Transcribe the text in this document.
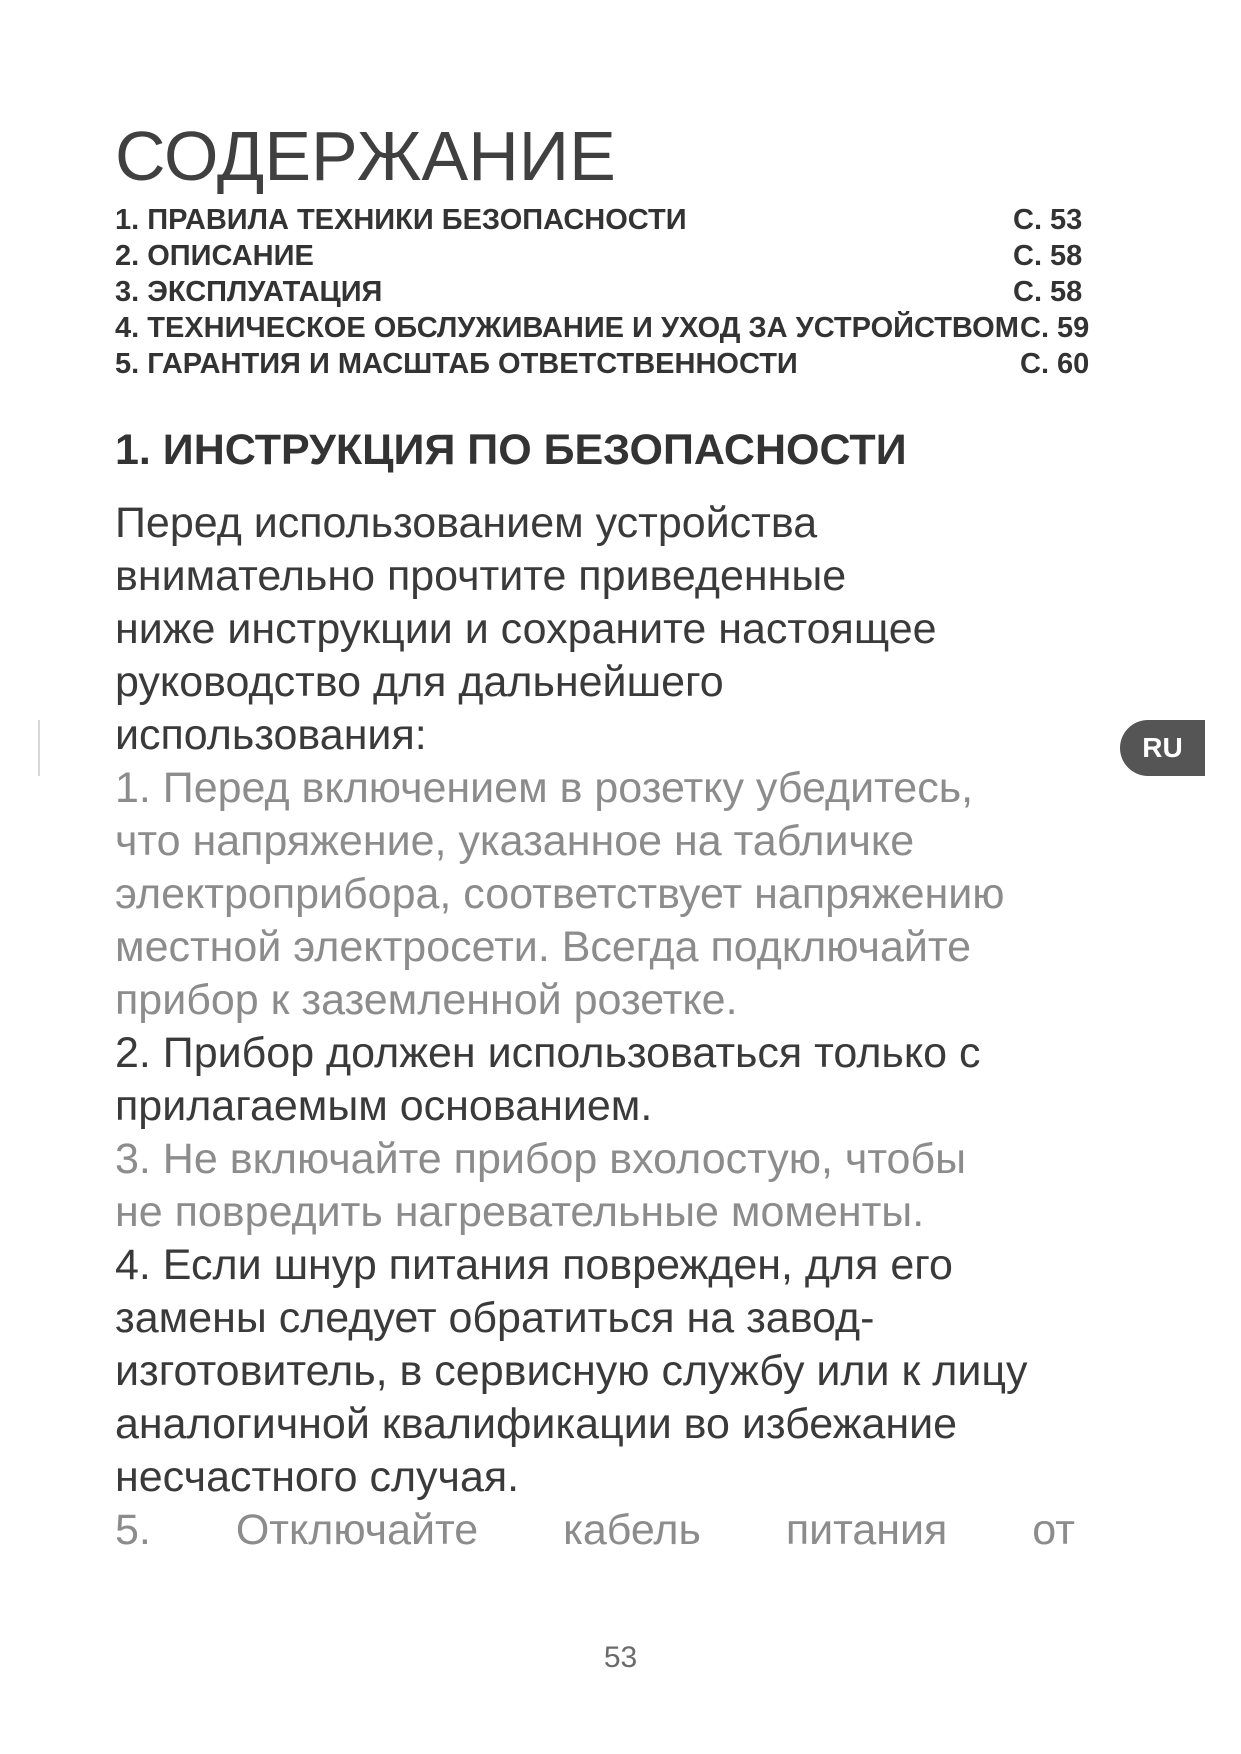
СОДЕРЖАНИЕ
1. ПРАВИЛА ТЕХНИКИ БЕЗОПАСНОСТИ	С. 53
2. ОПИСАНИЕ	С. 58
3. ЭКСПЛУАТАЦИЯ	С. 58
4. ТЕХНИЧЕСКОЕ ОБСЛУЖИВАНИЕ И УХОД ЗА УСТРОЙСТВОМ С. 59
5. ГАРАНТИЯ И МАСШТАБ ОТВЕТСТВЕННОСТИ	С. 60
1. ИНСТРУКЦИЯ ПО БЕЗОПАСНОСТИ
Перед использованием устройства
внимательно прочтите приведенные
ниже инструкции и сохраните настоящее
руководство для дальнейшего
использования:
1. Перед включением в розетку убедитесь,
что напряжение, указанное на табличке
электроприбора, соответствует напряжению
местной электросети. Всегда подключайте
прибор к заземленной розетке.
2. Прибор должен использоваться только с
прилагаемым основанием.
3. Не включайте прибор вхолостую, чтобы
не повредить нагревательные моменты.
4. Если шнур питания поврежден, для его
замены следует обратиться на завод-
изготовитель, в сервисную службу или к лицу
аналогичной квалификации во избежание
несчастного случая.
5. Отключайте кабель питания от
RU
53
